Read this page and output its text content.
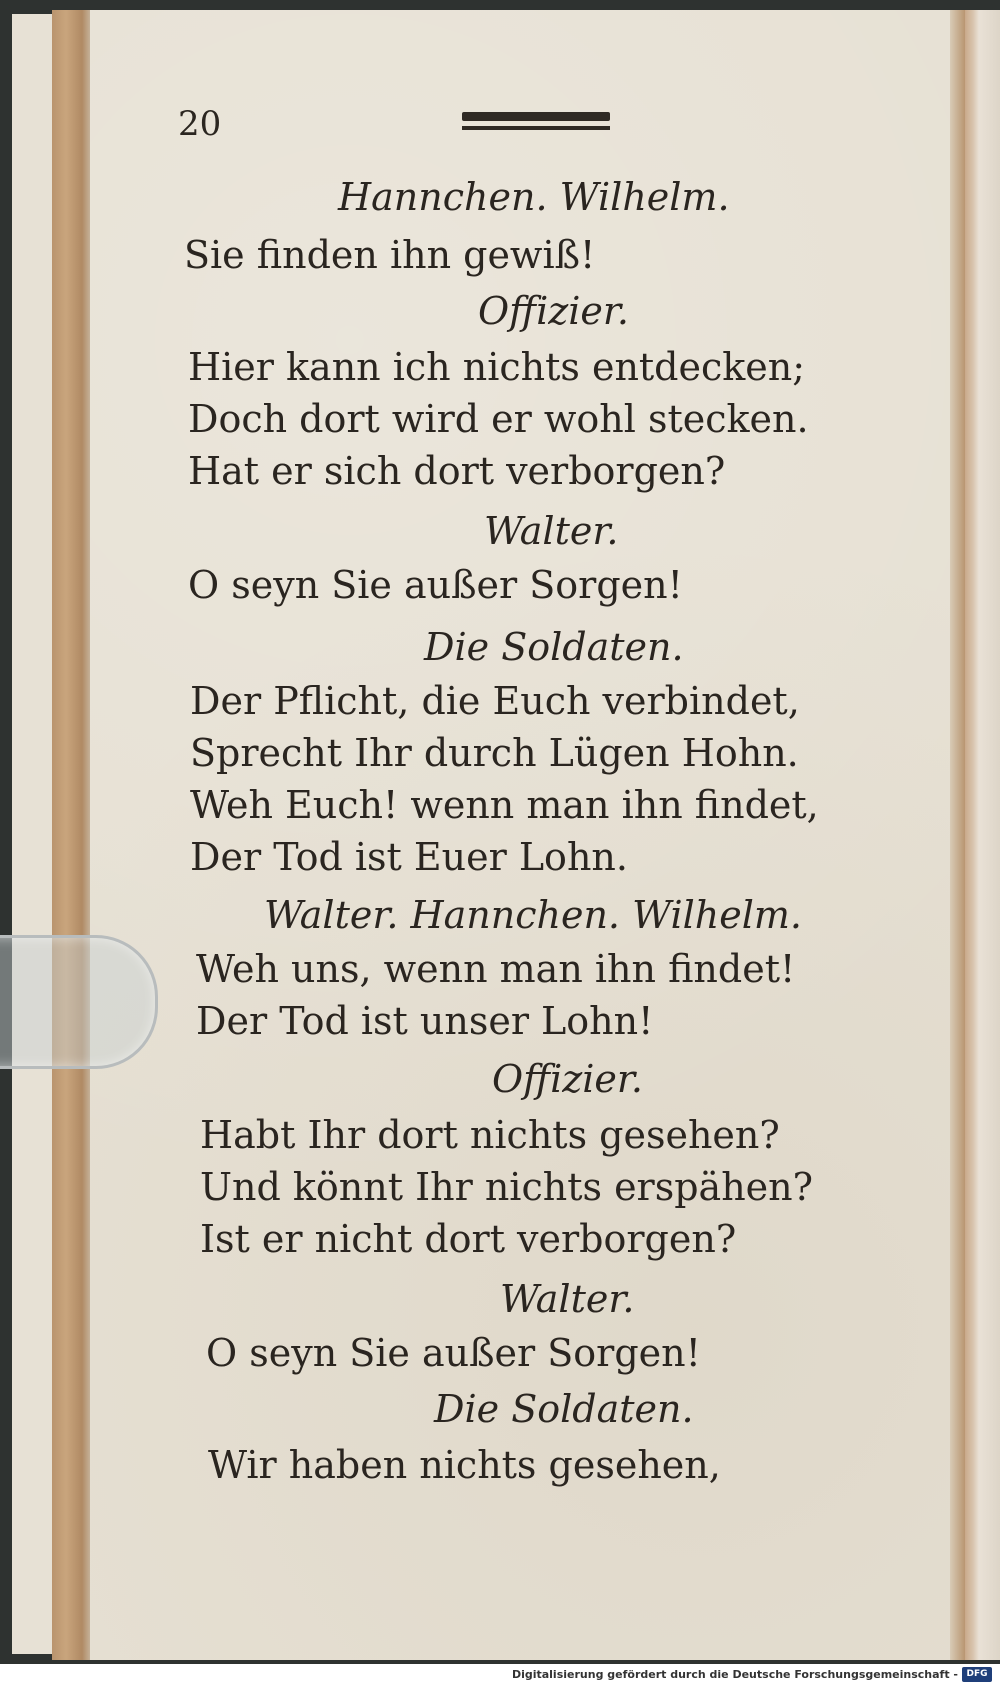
20
Hannchen. Wilhelm.
Sie finden ihn gewiß!
Offizier.
Hier kann ich nichts entdecken;
Doch dort wird er wohl stecken.
Hat er sich dort verborgen?
Walter.
O seyn Sie außer Sorgen!
Die Soldaten.
Der Pflicht, die Euch verbindet,
Sprecht Ihr durch Lügen Hohn.
Weh Euch! wenn man ihn findet,
Der Tod ist Euer Lohn.
Walter. Hannchen. Wilhelm.
Weh uns, wenn man ihn findet!
Der Tod ist unser Lohn!
Offizier.
Habt Ihr dort nichts gesehen?
Und könnt Ihr nichts erspähen?
Ist er nicht dort verborgen?
Walter.
O seyn Sie außer Sorgen!
Die Soldaten.
Wir haben nichts gesehen,
Digitalisierung gefördert durch die Deutsche Forschungsgemeinschaft - DFG
